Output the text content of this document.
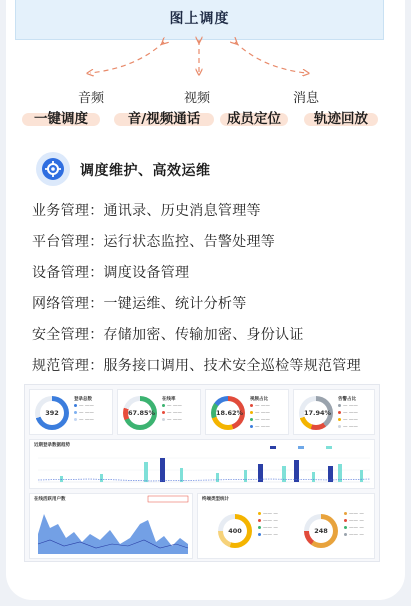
图上调度
音频	视频	消息
一键调度	音/视频通话	成员定位	轨迹回放
调度维护、高效运维
业务管理：通讯录、历史消息管理等
平台管理：运行状态监控、告警处理等
设备管理：调度设备管理
网络管理：一键运维、统计分析等
安全管理：存储加密、传输加密、身份认证
规范管理：服务接口调用、技术安全巡检等规范管理
392
登录总数
— ——
— ——
— ——
67.85%
在线率
— ——
— ——
— ——
18.62%
视频占比
— ——
— ——
— ——
— ——
17.94%
告警占比
— ——
— ——
— ——
— ——
近期登录数据趋势
在线活跃用户数	终端类型统计
400
—— —
—— —
—— —
—— —
248
—— —
—— —
—— —
—— —
